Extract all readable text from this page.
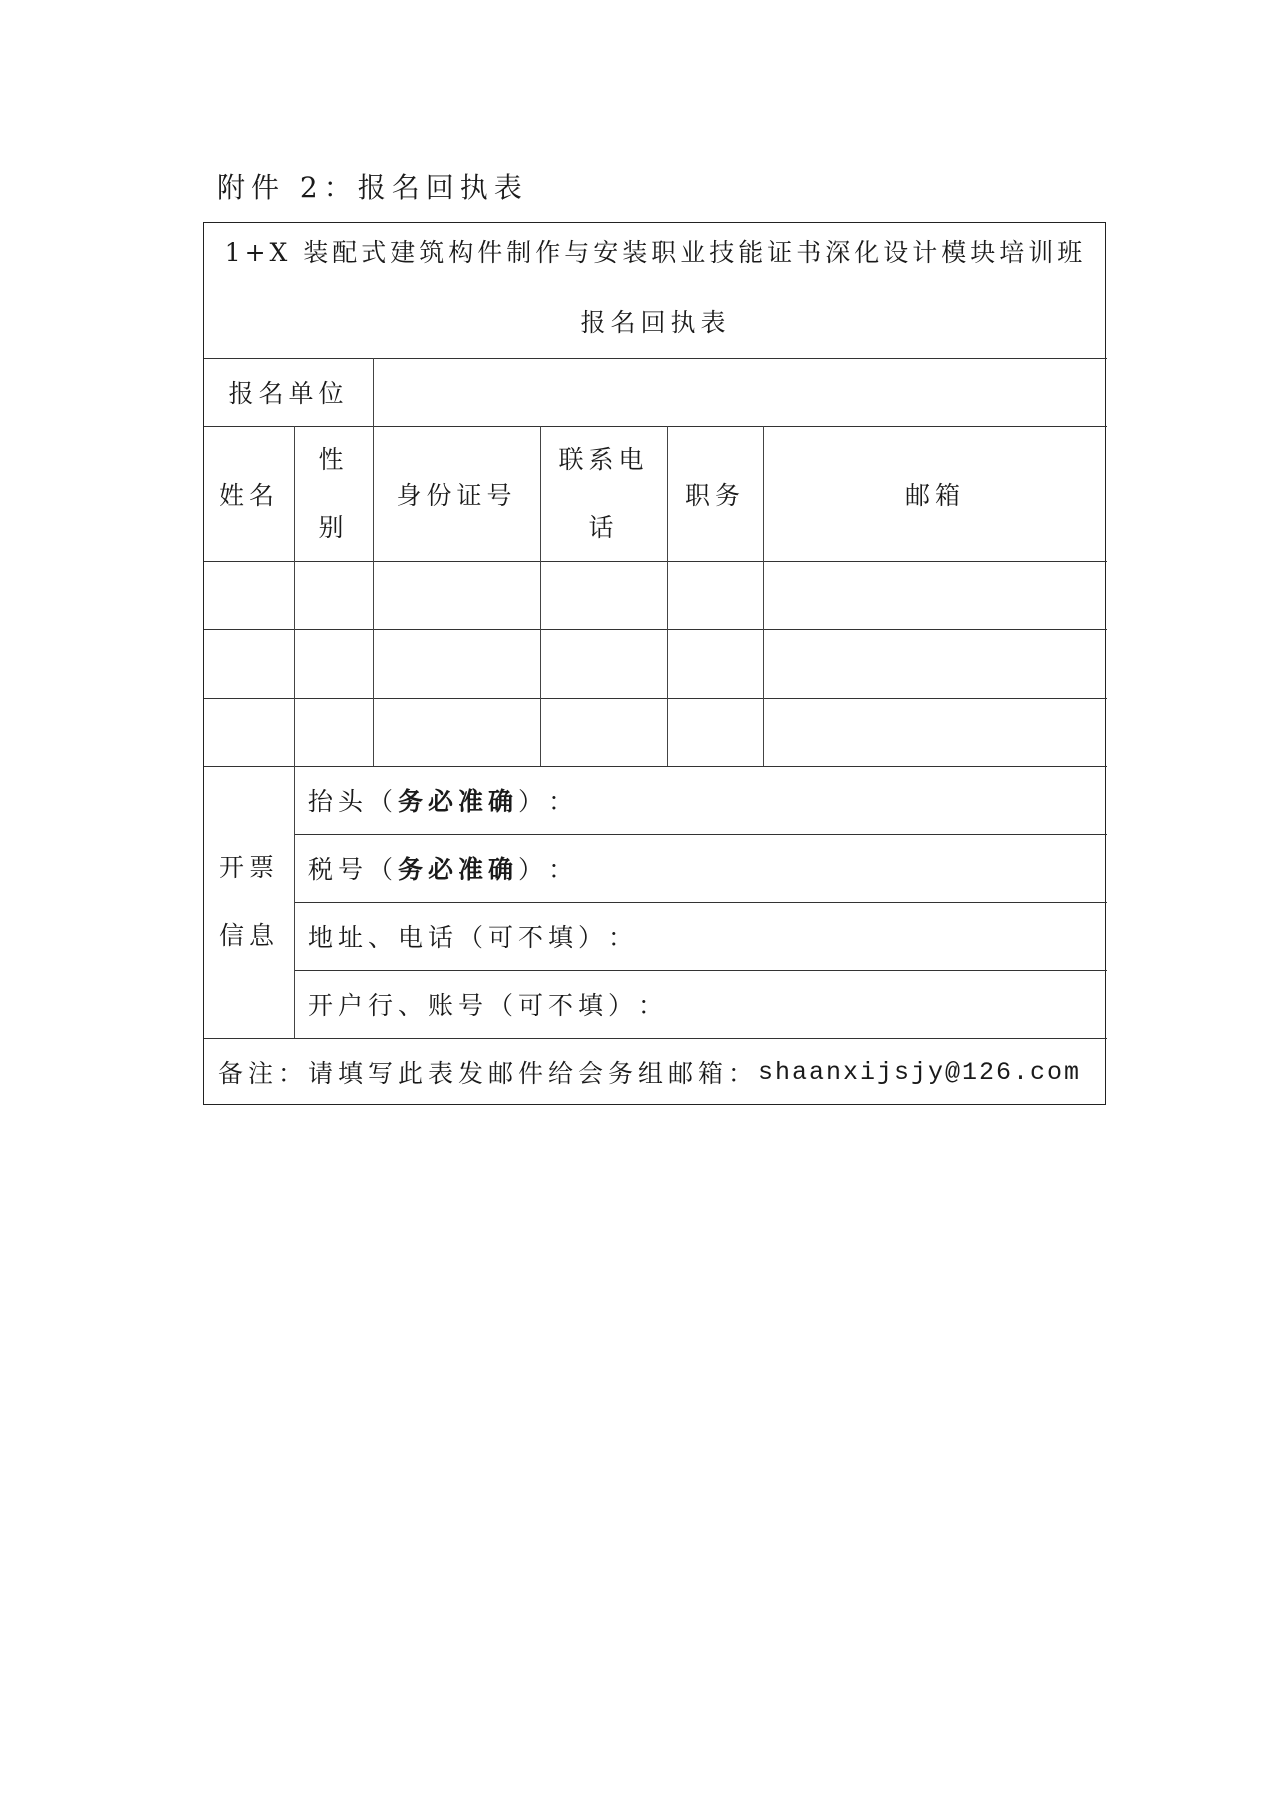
附件 2：报名回执表
1+X 装配式建筑构件制作与安装职业技能证书深化设计模块培训班
报名回执表
报名单位
姓名
性
别
身份证号
联系电
话
职务	邮箱
开票
信息
抬头 （ 务必准确 ） ：
税号 （ 务必准确 ） ：
地址、电话 （可不填） ：
开户行、账号 （可不填） ：
备注：请填写此表发邮件给会务组邮箱： shaanxijsjy@126.com
